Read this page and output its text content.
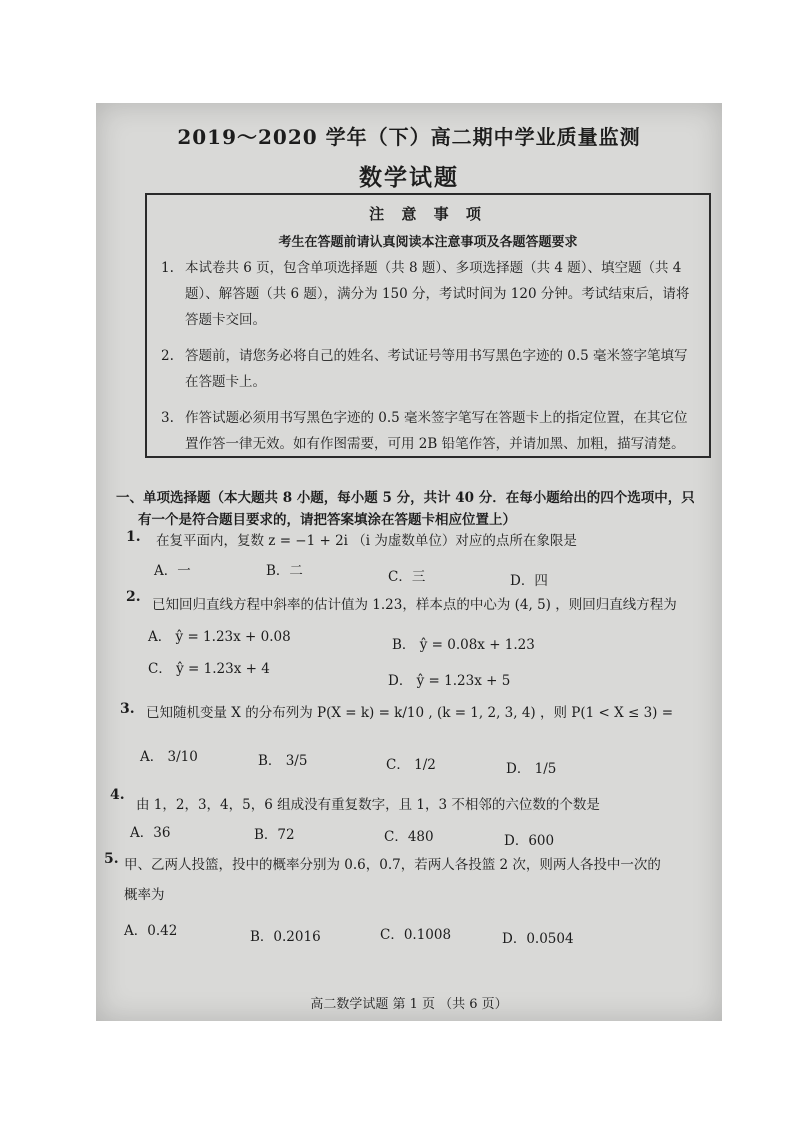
2019～2020 学年（下）高二期中学业质量监测
数学试题
注 意 事 项
考生在答题前请认真阅读本注意事项及各题答题要求
1. 本试卷共 6 页，包含单项选择题（共 8 题）、多项选择题（共 4 题）、填空题（共 4
题）、解答题（共 6 题），满分为 150 分，考试时间为 120 分钟。考试结束后，请将
答题卡交回。
2. 答题前，请您务必将自己的姓名、考试证号等用书写黑色字迹的 0.5 毫米签字笔填写
在答题卡上。
3. 作答试题必须用书写黑色字迹的 0.5 毫米签字笔写在答题卡上的指定位置，在其它位
置作答一律无效。如有作图需要，可用 2B 铅笔作答，并请加黑、加粗，描写清楚。
一、单项选择题（本大题共 8 小题，每小题 5 分，共计 40 分．在每小题给出的四个选项中，只
有一个是符合题目要求的，请把答案填涂在答题卡相应位置上）
1. 在复平面内，复数 z = −1 + 2i （i 为虚数单位）对应的点所在象限是
A．一	B．二	C．三	D．四
2. 已知回归直线方程中斜率的估计值为 1.23，样本点的中心为 (4, 5) ，则回归直线方程为
A． ŷ = 1.23x + 0.08	B． ŷ = 0.08x + 1.23
C． ŷ = 1.23x + 4
D． ŷ = 1.23x + 5
3. 已知随机变量 X 的分布列为 P(X = k) = k/10 , (k = 1, 2, 3, 4) ，则 P(1 < X ≤ 3) =
A． 3/10	B． 3/5	C． 1/2	D． 1/5
4.
由 1，2，3，4，5，6 组成没有重复数字，且 1，3 不相邻的六位数的个数是
A．36	B．72	C．480	D．600
5. 甲、乙两人投篮，投中的概率分别为 0.6，0.7，若两人各投篮 2 次，则两人各投中一次的
概率为
A．0.42	B．0.2016	C．0.1008	D．0.0504
高二数学试题 第 1 页 （共 6 页）
